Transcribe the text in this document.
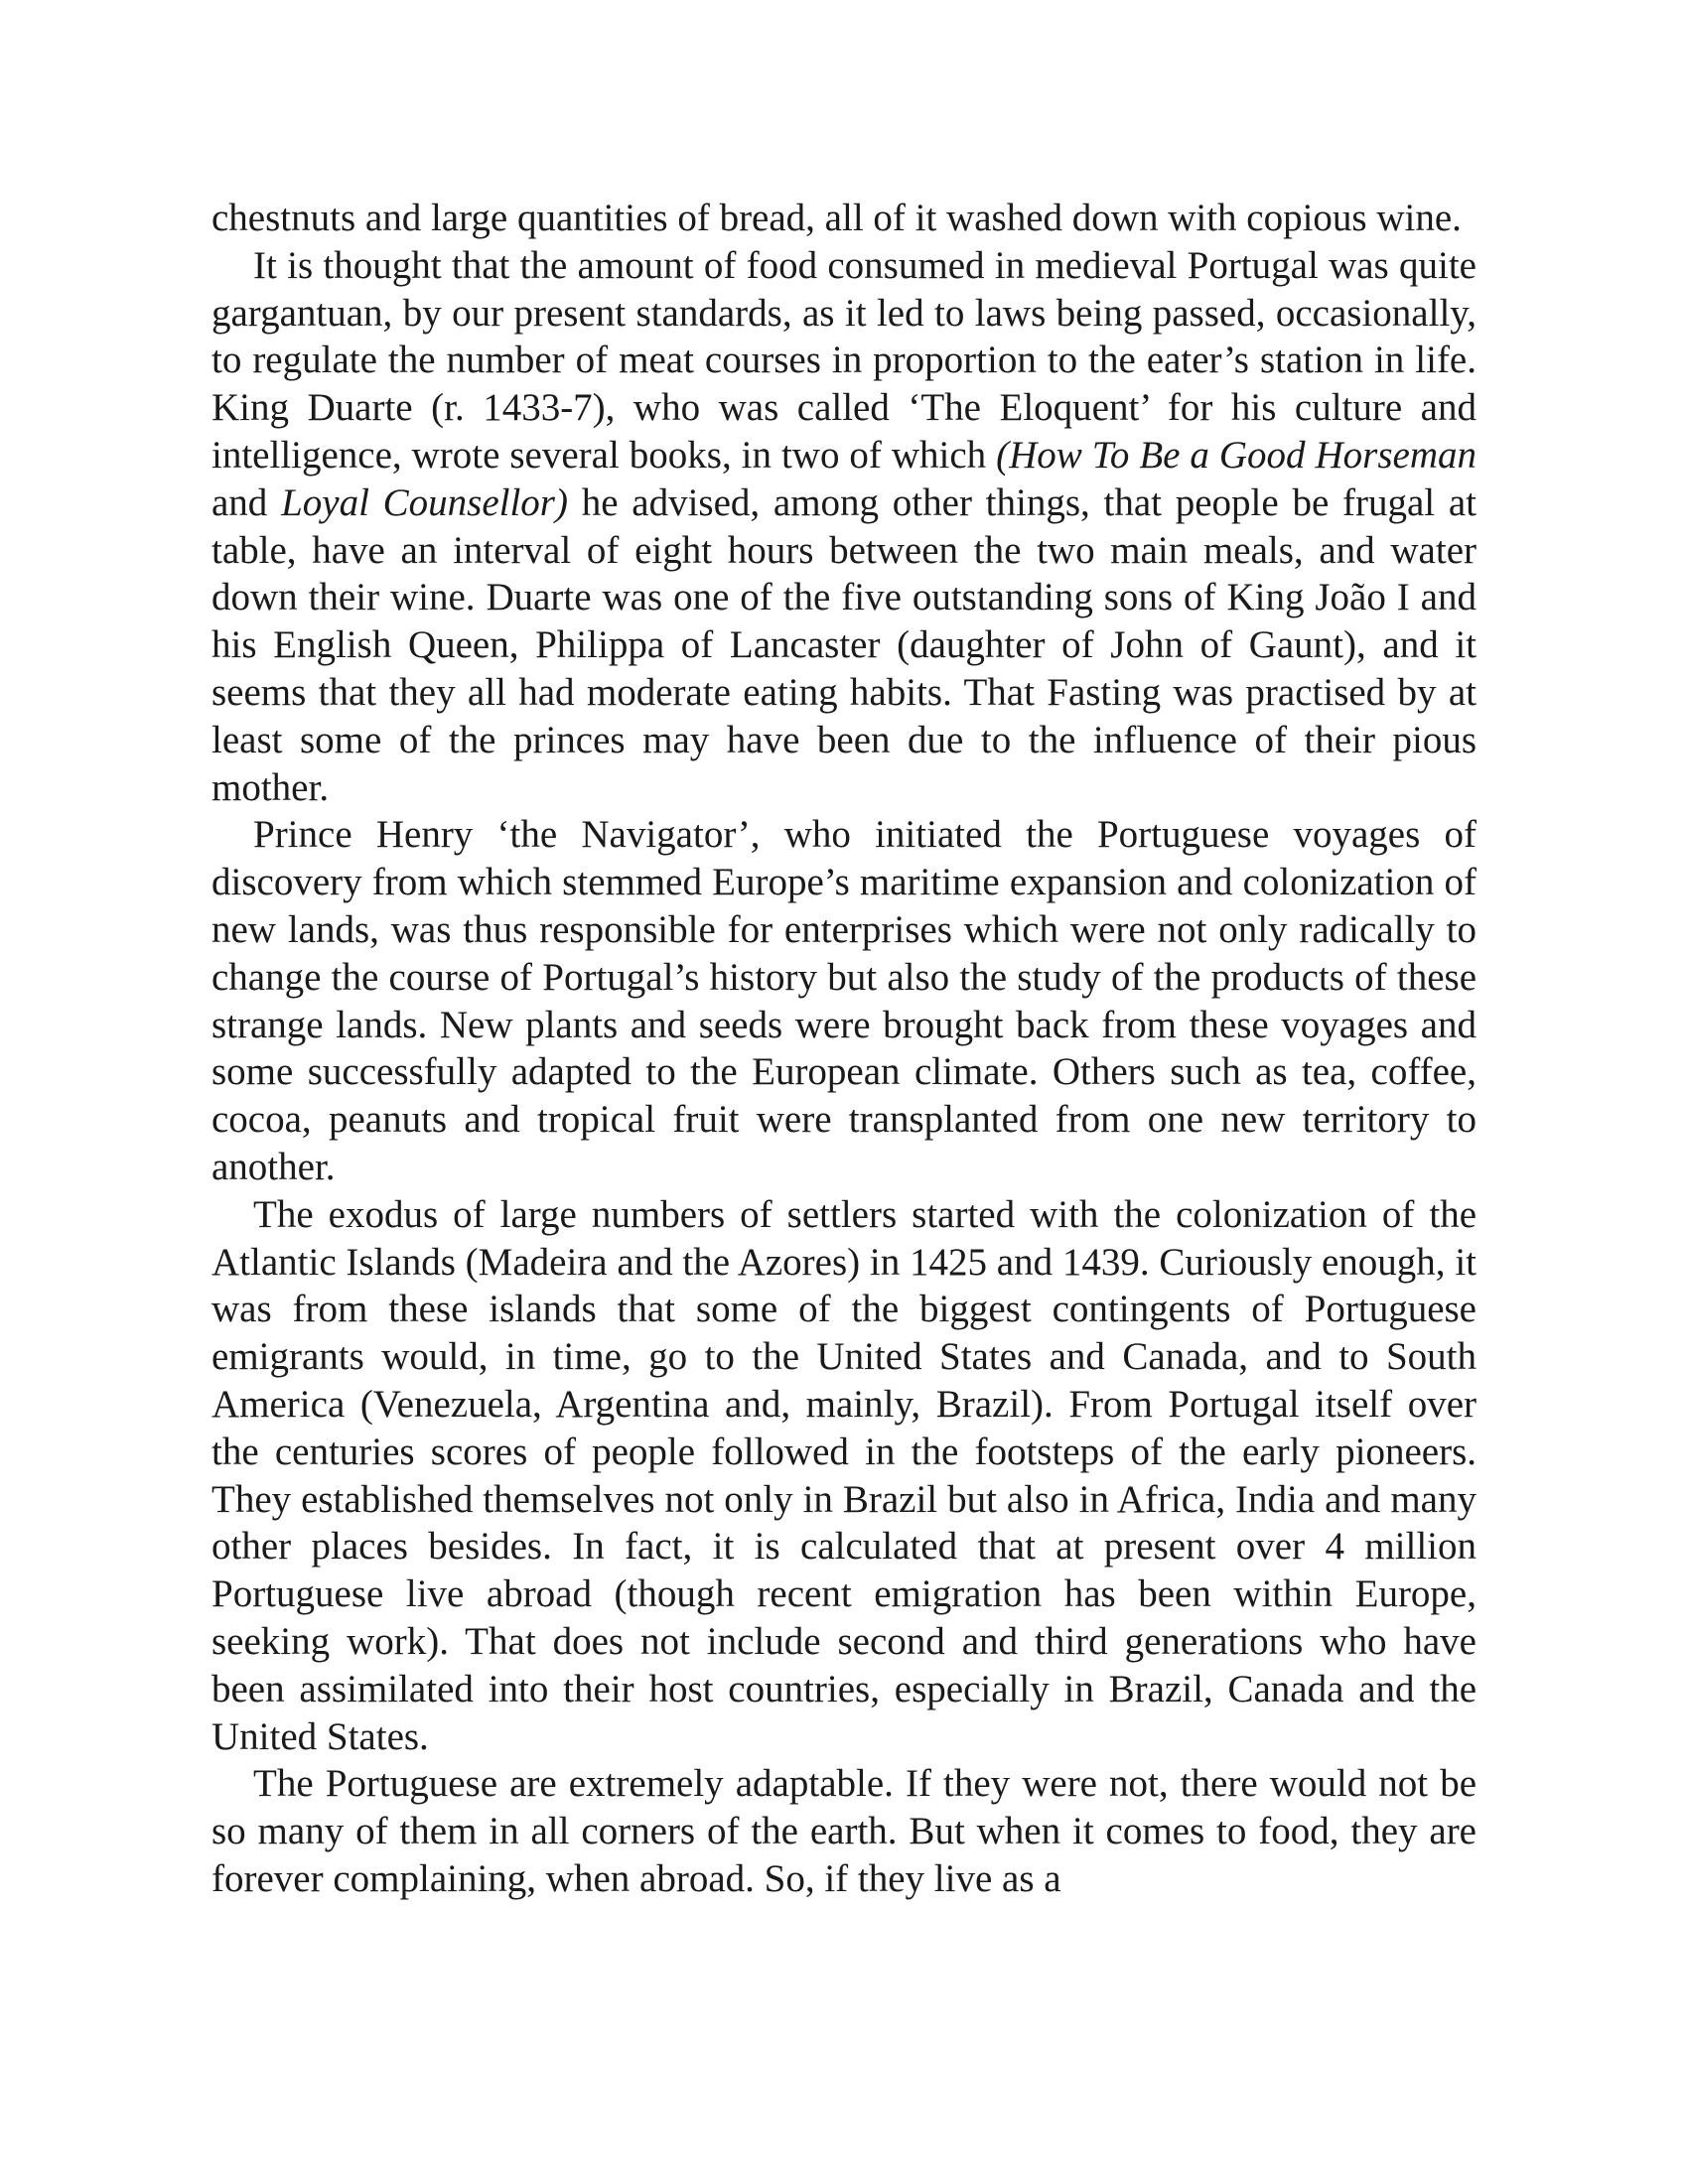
chestnuts and large quantities of bread, all of it washed down with copious wine.

It is thought that the amount of food consumed in medieval Portugal was quite gargantuan, by our present standards, as it led to laws being passed, occasionally, to regulate the number of meat courses in proportion to the eater’s station in life. King Duarte (r. 1433-7), who was called ‘The Eloquent’ for his culture and intelligence, wrote several books, in two of which (How To Be a Good Horseman and Loyal Counsellor) he advised, among other things, that people be frugal at table, have an interval of eight hours between the two main meals, and water down their wine. Duarte was one of the five outstanding sons of King João I and his English Queen, Philippa of Lancaster (daughter of John of Gaunt), and it seems that they all had moderate eating habits. That Fasting was practised by at least some of the princes may have been due to the influence of their pious mother.

Prince Henry ‘the Navigator’, who initiated the Portuguese voyages of discovery from which stemmed Europe’s maritime expansion and colonization of new lands, was thus responsible for enterprises which were not only radically to change the course of Portugal’s history but also the study of the products of these strange lands. New plants and seeds were brought back from these voyages and some successfully adapted to the European climate. Others such as tea, coffee, cocoa, peanuts and tropical fruit were transplanted from one new territory to another.

The exodus of large numbers of settlers started with the colonization of the Atlantic Islands (Madeira and the Azores) in 1425 and 1439. Curiously enough, it was from these islands that some of the biggest contingents of Portuguese emigrants would, in time, go to the United States and Canada, and to South America (Venezuela, Argentina and, mainly, Brazil). From Portugal itself over the centuries scores of people followed in the footsteps of the early pioneers. They established themselves not only in Brazil but also in Africa, India and many other places besides. In fact, it is calculated that at present over 4 million Portuguese live abroad (though recent emigration has been within Europe, seeking work). That does not include second and third generations who have been assimilated into their host countries, especially in Brazil, Canada and the United States.

The Portuguese are extremely adaptable. If they were not, there would not be so many of them in all corners of the earth. But when it comes to food, they are forever complaining, when abroad. So, if they live as a
